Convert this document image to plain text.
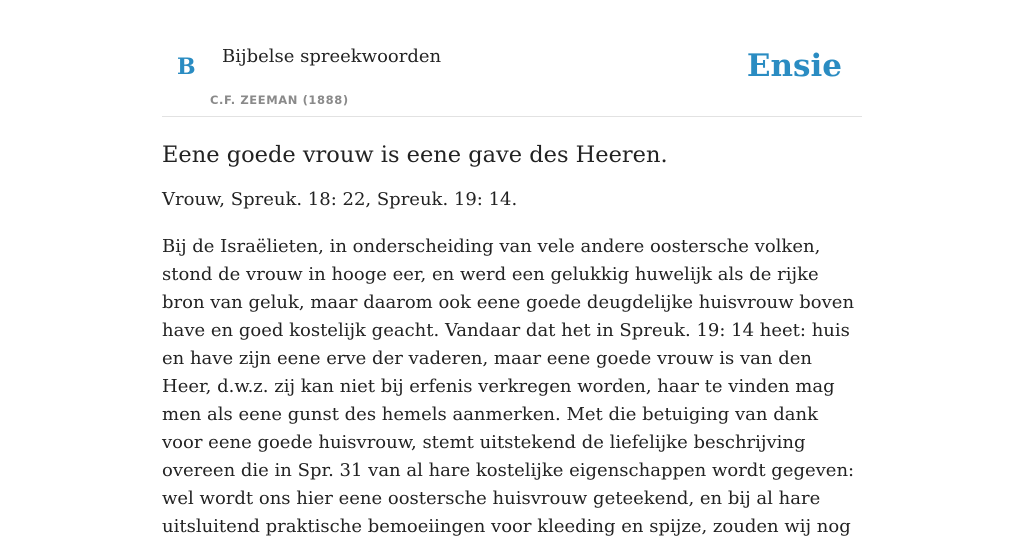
B Bijbelse spreekwoorden
C.F. ZEEMAN (1888)
Ensie
Eene goede vrouw is eene gave des Heeren.

Vrouw, Spreuk. 18: 22, Spreuk. 19: 14.

Bij de Israëlieten, in onderscheiding van vele andere oostersche volken, stond de vrouw in hooge eer, en werd een gelukkig huwelijk als de rijke bron van geluk, maar daarom ook eene goede deugdelijke huisvrouw boven have en goed kostelijk geacht. Vandaar dat het in Spreuk. 19: 14 heet: huis en have zijn eene erve der vaderen, maar eene goede vrouw is van den Heer, d.w.z. zij kan niet bij erfenis verkregen worden, haar te vinden mag men als eene gunst des hemels aanmerken. Met die betuiging van dank voor eene goede huisvrouw, stemt uitstekend de liefelijke beschrijving overeen die in Spr. 31 van al hare kostelijke eigenschappen wordt gegeven: wel wordt ons hier eene oostersche huisvrouw geteekend, en bij al hare uitsluitend praktische bemoeiingen voor kleeding en spijze, zouden wij nog
